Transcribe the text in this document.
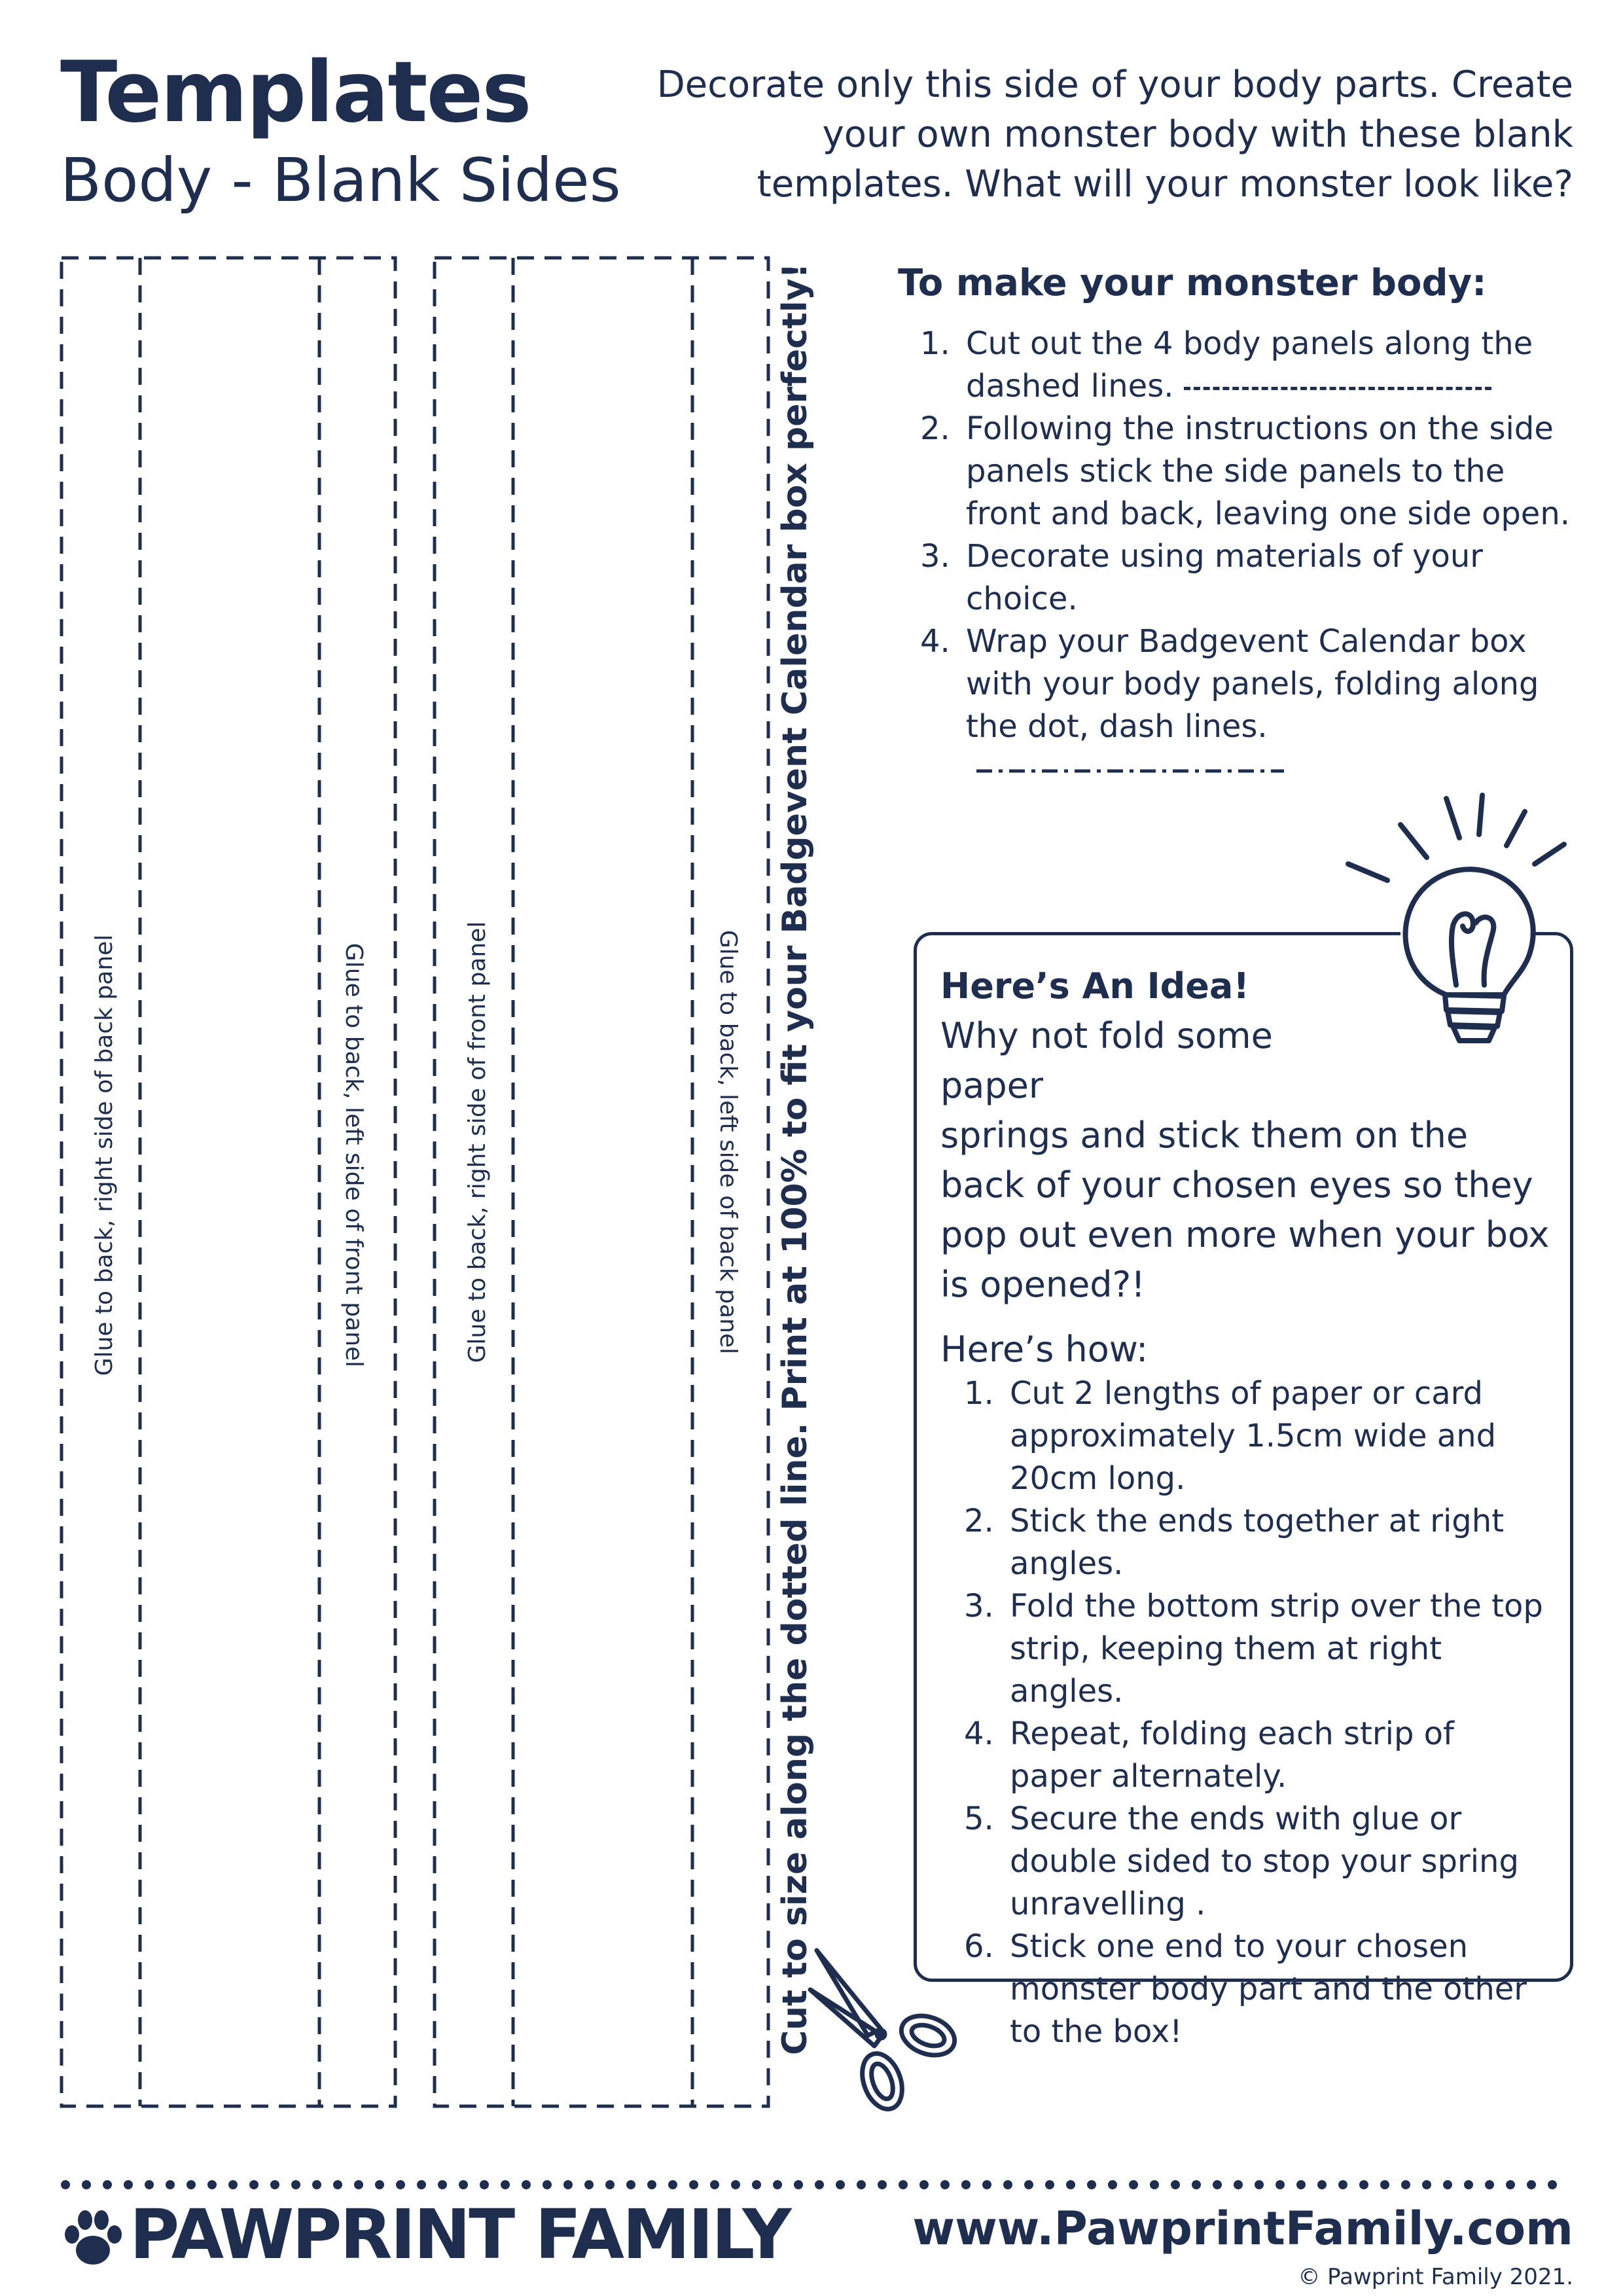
Templates
Body - Blank Sides
Decorate only this side of your body parts. Create your own monster body with these blank templates. What will your monster look like?
Glue to back, right side of back panel	Glue to back, left side of front panel	Glue to back, right side of front panel	Glue to back, left side of back panel Cut to size along the dotted line. Print at 100% to fit your Badgevent Calendar box perfectly! To make your monster body:
1. Cut out the 4 body panels along the dashed lines.
2. Following the instructions on the side panels stick the side panels to the front and back, leaving one side open.
3. Decorate using materials of your choice.
4. Wrap your Badgevent Calendar box with your body panels, folding along the dot, dash lines.
Here’s An Idea!
Why not fold some paper
springs and stick them on the back of your chosen eyes so they pop out even more when your box is opened?!
Here’s how:
1. Cut 2 lengths of paper or card approximately 1.5cm wide and 20cm long.
2. Stick the ends together at right angles.
3. Fold the bottom strip over the top strip, keeping them at right angles.
4. Repeat, folding each strip of paper alternately.
5. Secure the ends with glue or double sided to stop your spring unravelling .
6. Stick one end to your chosen monster body part and the other to the box!
PAWPRINT FAMILY	www.PawprintFamily.com
© Pawprint Family 2021.
